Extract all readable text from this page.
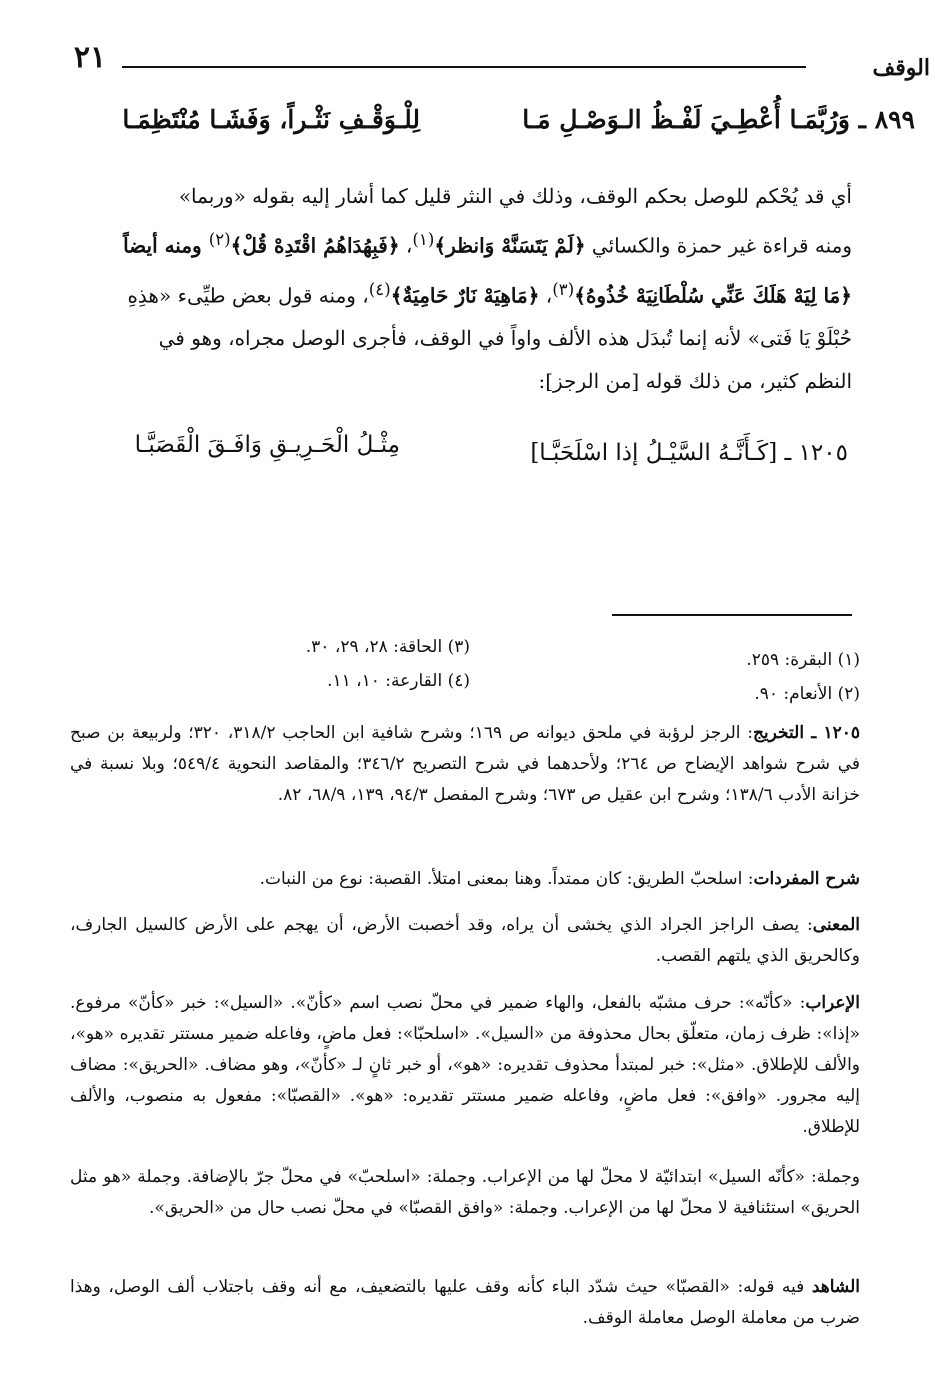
الوقف
٢١
٨٩٩ ـ وَرُبَّمَـا أُعْطِـيَ لَفْـظُ الـوَصْـلِ مَـا
لِلْـوَقْـفِ نَثْـراً، وَفَشَـا مُنْتَظِمَـا

أي قد يُحْكم للوصل بحكم الوقف، وذلك في النثر قليل كما أشار إليه بقوله «وربما»

ومنه قراءة غير حمزة والكسائي ﴿لَمْ يَتَسَنَّهْ وَانظر﴾$^{(١)}$، ﴿فَبِهُدَاهُمُ اقْتَدِهْ قُلْ﴾$^{(٢)}$ ومنه أيضاً

﴿مَا لِيَهْ هَلَكَ عَنِّي سُلْطَانِيَهْ خُذُوهُ﴾$^{(٣)}$، ﴿مَاهِيَهْ نَارٌ حَامِيَةٌ﴾$^{(٤)}$، ومنه قول بعض طيِّىء «هذِهِ

حُبْلَوْ يَا فَتى» لأنه إنما تُبدَل هذه الألف واواً في الوقف، فأجرى الوصل مجراه، وهو في

النظم كثير، من ذلك قوله [من الرجز]:

١٢٠٥ ـ [كَـأَنَّـهُ السَّيْـلُ إذا اسْلَحَبَّـا]
مِثْـلُ الْحَـرِيـقِ وَافَـقَ الْقَصَبَّـا
(١) البقرة: ٢٥٩.
(٢) الأنعام: ٩٠.
(٣) الحاقة: ٢٨، ٢٩، ٣٠.
(٤) القارعة: ١٠، ١١.

١٢٠٥ ـ التخريج: الرجز لرؤبة في ملحق ديوانه ص ١٦٩؛ وشرح شافية ابن الحاجب ٣١٨/٢، ٣٢٠؛ ولربيعة بن صبح في شرح شواهد الإيضاح ص ٢٦٤؛ ولأحدهما في شرح التصريح ٣٤٦/٢؛ والمقاصد النحوية ٥٤٩/٤؛ وبلا نسبة في خزانة الأدب ١٣٨/٦؛ وشرح ابن عقيل ص ٦٧٣؛ وشرح المفصل ٩٤/٣، ١٣٩، ٦٨/٩، ٨٢.

شرح المفردات: اسلحبّ الطريق: كان ممتداً. وهنا بمعنى امتلأ. القصبة: نوع من النبات.

المعنى: يصف الراجز الجراد الذي يخشى أن يراه، وقد أخصبت الأرض، أن يهجم على الأرض كالسيل الجارف، وكالحريق الذي يلتهم القصب.

الإعراب: «كأنّه»: حرف مشبّه بالفعل، والهاء ضمير في محلّ نصب اسم «كأنّ». «السيل»: خبر «كأنّ» مرفوع. «إذا»: ظرف زمان، متعلّق بحال محذوفة من «السيل». «اسلحبّا»: فعل ماضٍ، وفاعله ضمير مستتر تقديره «هو»، والألف للإطلاق. «مثل»: خبر لمبتدأ محذوف تقديره: «هو»، أو خبر ثانٍ لـ «كأنّ»، وهو مضاف. «الحريق»: مضاف إليه مجرور. «وافق»: فعل ماضٍ، وفاعله ضمير مستتر تقديره: «هو». «القصبّا»: مفعول به منصوب، والألف للإطلاق.

وجملة: «كأنّه السيل» ابتدائيّة لا محلّ لها من الإعراب. وجملة: «اسلحبّ» في محلّ جرّ بالإضافة. وجملة «هو مثل الحريق» استئنافية لا محلّ لها من الإعراب. وجملة: «وافق القصبّا» في محلّ نصب حال من «الحريق».

الشاهد فيه قوله: «القصبّا» حيث شدّد الباء كأنه وقف عليها بالتضعيف، مع أنه وقف باجتلاب ألف الوصل، وهذا ضرب من معاملة الوصل معاملة الوقف.
